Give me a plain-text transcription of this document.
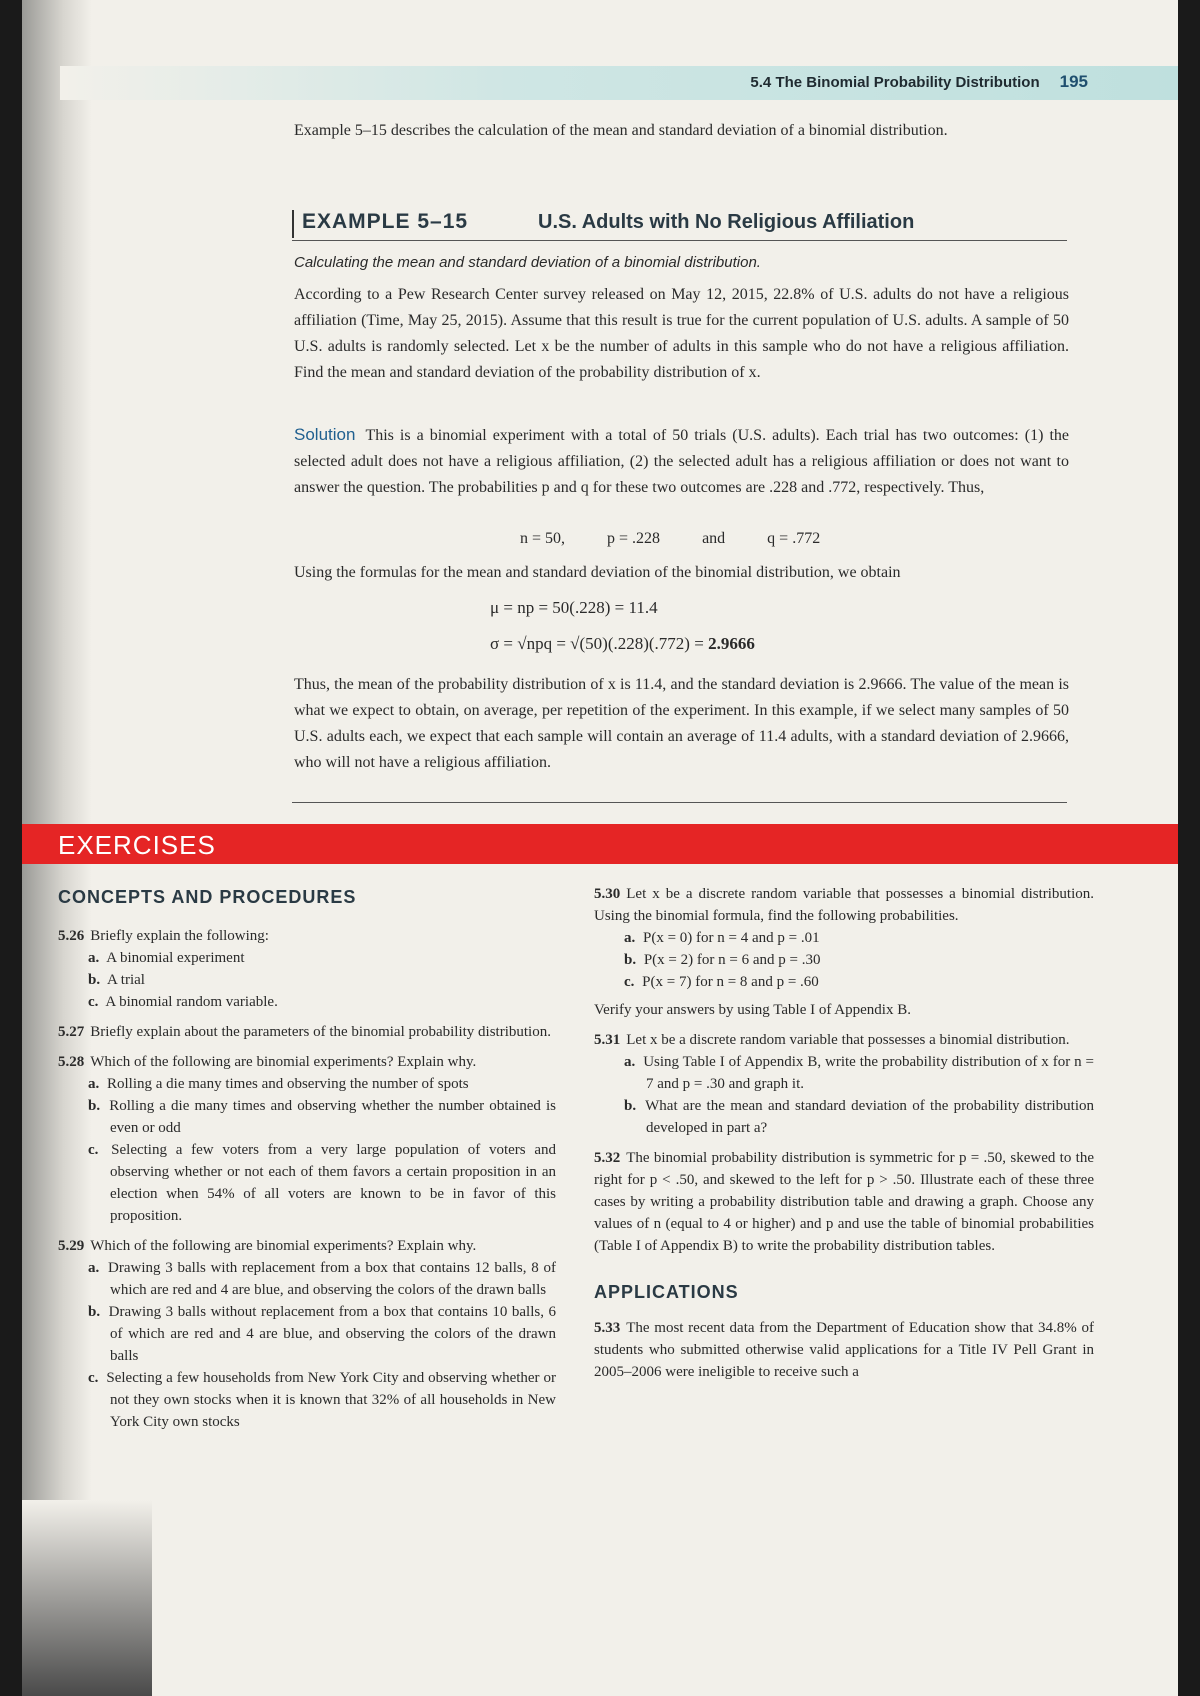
5.4 The Binomial Probability Distribution 195

Example 5–15 describes the calculation of the mean and standard deviation of a binomial distribution.

EXAMPLE 5–15	U.S. Adults with No Religious Affiliation

Calculating the mean and standard deviation of a binomial distribution.

According to a Pew Research Center survey released on May 12, 2015, 22.8% of U.S. adults do not have a religious affiliation (Time, May 25, 2015). Assume that this result is true for the current population of U.S. adults. A sample of 50 U.S. adults is randomly selected. Let x be the number of adults in this sample who do not have a religious affiliation. Find the mean and standard deviation of the probability distribution of x.

Solution This is a binomial experiment with a total of 50 trials (U.S. adults). Each trial has two outcomes: (1) the selected adult does not have a religious affiliation, (2) the selected adult has a religious affiliation or does not want to answer the question. The probabilities p and q for these two outcomes are .228 and .772, respectively. Thus,

n = 50,	p = .228	and	q = .772

Using the formulas for the mean and standard deviation of the binomial distribution, we obtain

μ = np = 50(.228) = 11.4

σ = √npq = √(50)(.228)(.772) = 2.9666

Thus, the mean of the probability distribution of x is 11.4, and the standard deviation is 2.9666. The value of the mean is what we expect to obtain, on average, per repetition of the experiment. In this example, if we select many samples of 50 U.S. adults each, we expect that each sample will contain an average of 11.4 adults, with a standard deviation of 2.9666, who will not have a religious affiliation.

EXERCISES
CONCEPTS AND PROCEDURES

5.26 Briefly explain the following:

a. A binomial experiment

b. A trial

c. A binomial random variable.

5.27 Briefly explain about the parameters of the binomial probability distribution.

5.28 Which of the following are binomial experiments? Explain why.

a. Rolling a die many times and observing the number of spots

b. Rolling a die many times and observing whether the number obtained is even or odd

c. Selecting a few voters from a very large population of voters and observing whether or not each of them favors a certain proposition in an election when 54% of all voters are known to be in favor of this proposition.

5.29 Which of the following are binomial experiments? Explain why.

a. Drawing 3 balls with replacement from a box that contains 12 balls, 8 of which are red and 4 are blue, and observing the colors of the drawn balls

b. Drawing 3 balls without replacement from a box that contains 10 balls, 6 of which are red and 4 are blue, and observing the colors of the drawn balls

c. Selecting a few households from New York City and observing whether or not they own stocks when it is known that 32% of all households in New York City own stocks

5.30 Let x be a discrete random variable that possesses a binomial distribution. Using the binomial formula, find the following probabilities.

a. P(x = 0) for n = 4 and p = .01

b. P(x = 2) for n = 6 and p = .30

c. P(x = 7) for n = 8 and p = .60

Verify your answers by using Table I of Appendix B.

5.31 Let x be a discrete random variable that possesses a binomial distribution.

a. Using Table I of Appendix B, write the probability distribution of x for n = 7 and p = .30 and graph it.

b. What are the mean and standard deviation of the probability distribution developed in part a?

5.32 The binomial probability distribution is symmetric for p = .50, skewed to the right for p < .50, and skewed to the left for p > .50. Illustrate each of these three cases by writing a probability distribution table and drawing a graph. Choose any values of n (equal to 4 or higher) and p and use the table of binomial probabilities (Table I of Appendix B) to write the probability distribution tables.

APPLICATIONS

5.33 The most recent data from the Department of Education show that 34.8% of students who submitted otherwise valid applications for a Title IV Pell Grant in 2005–2006 were ineligible to receive such a
